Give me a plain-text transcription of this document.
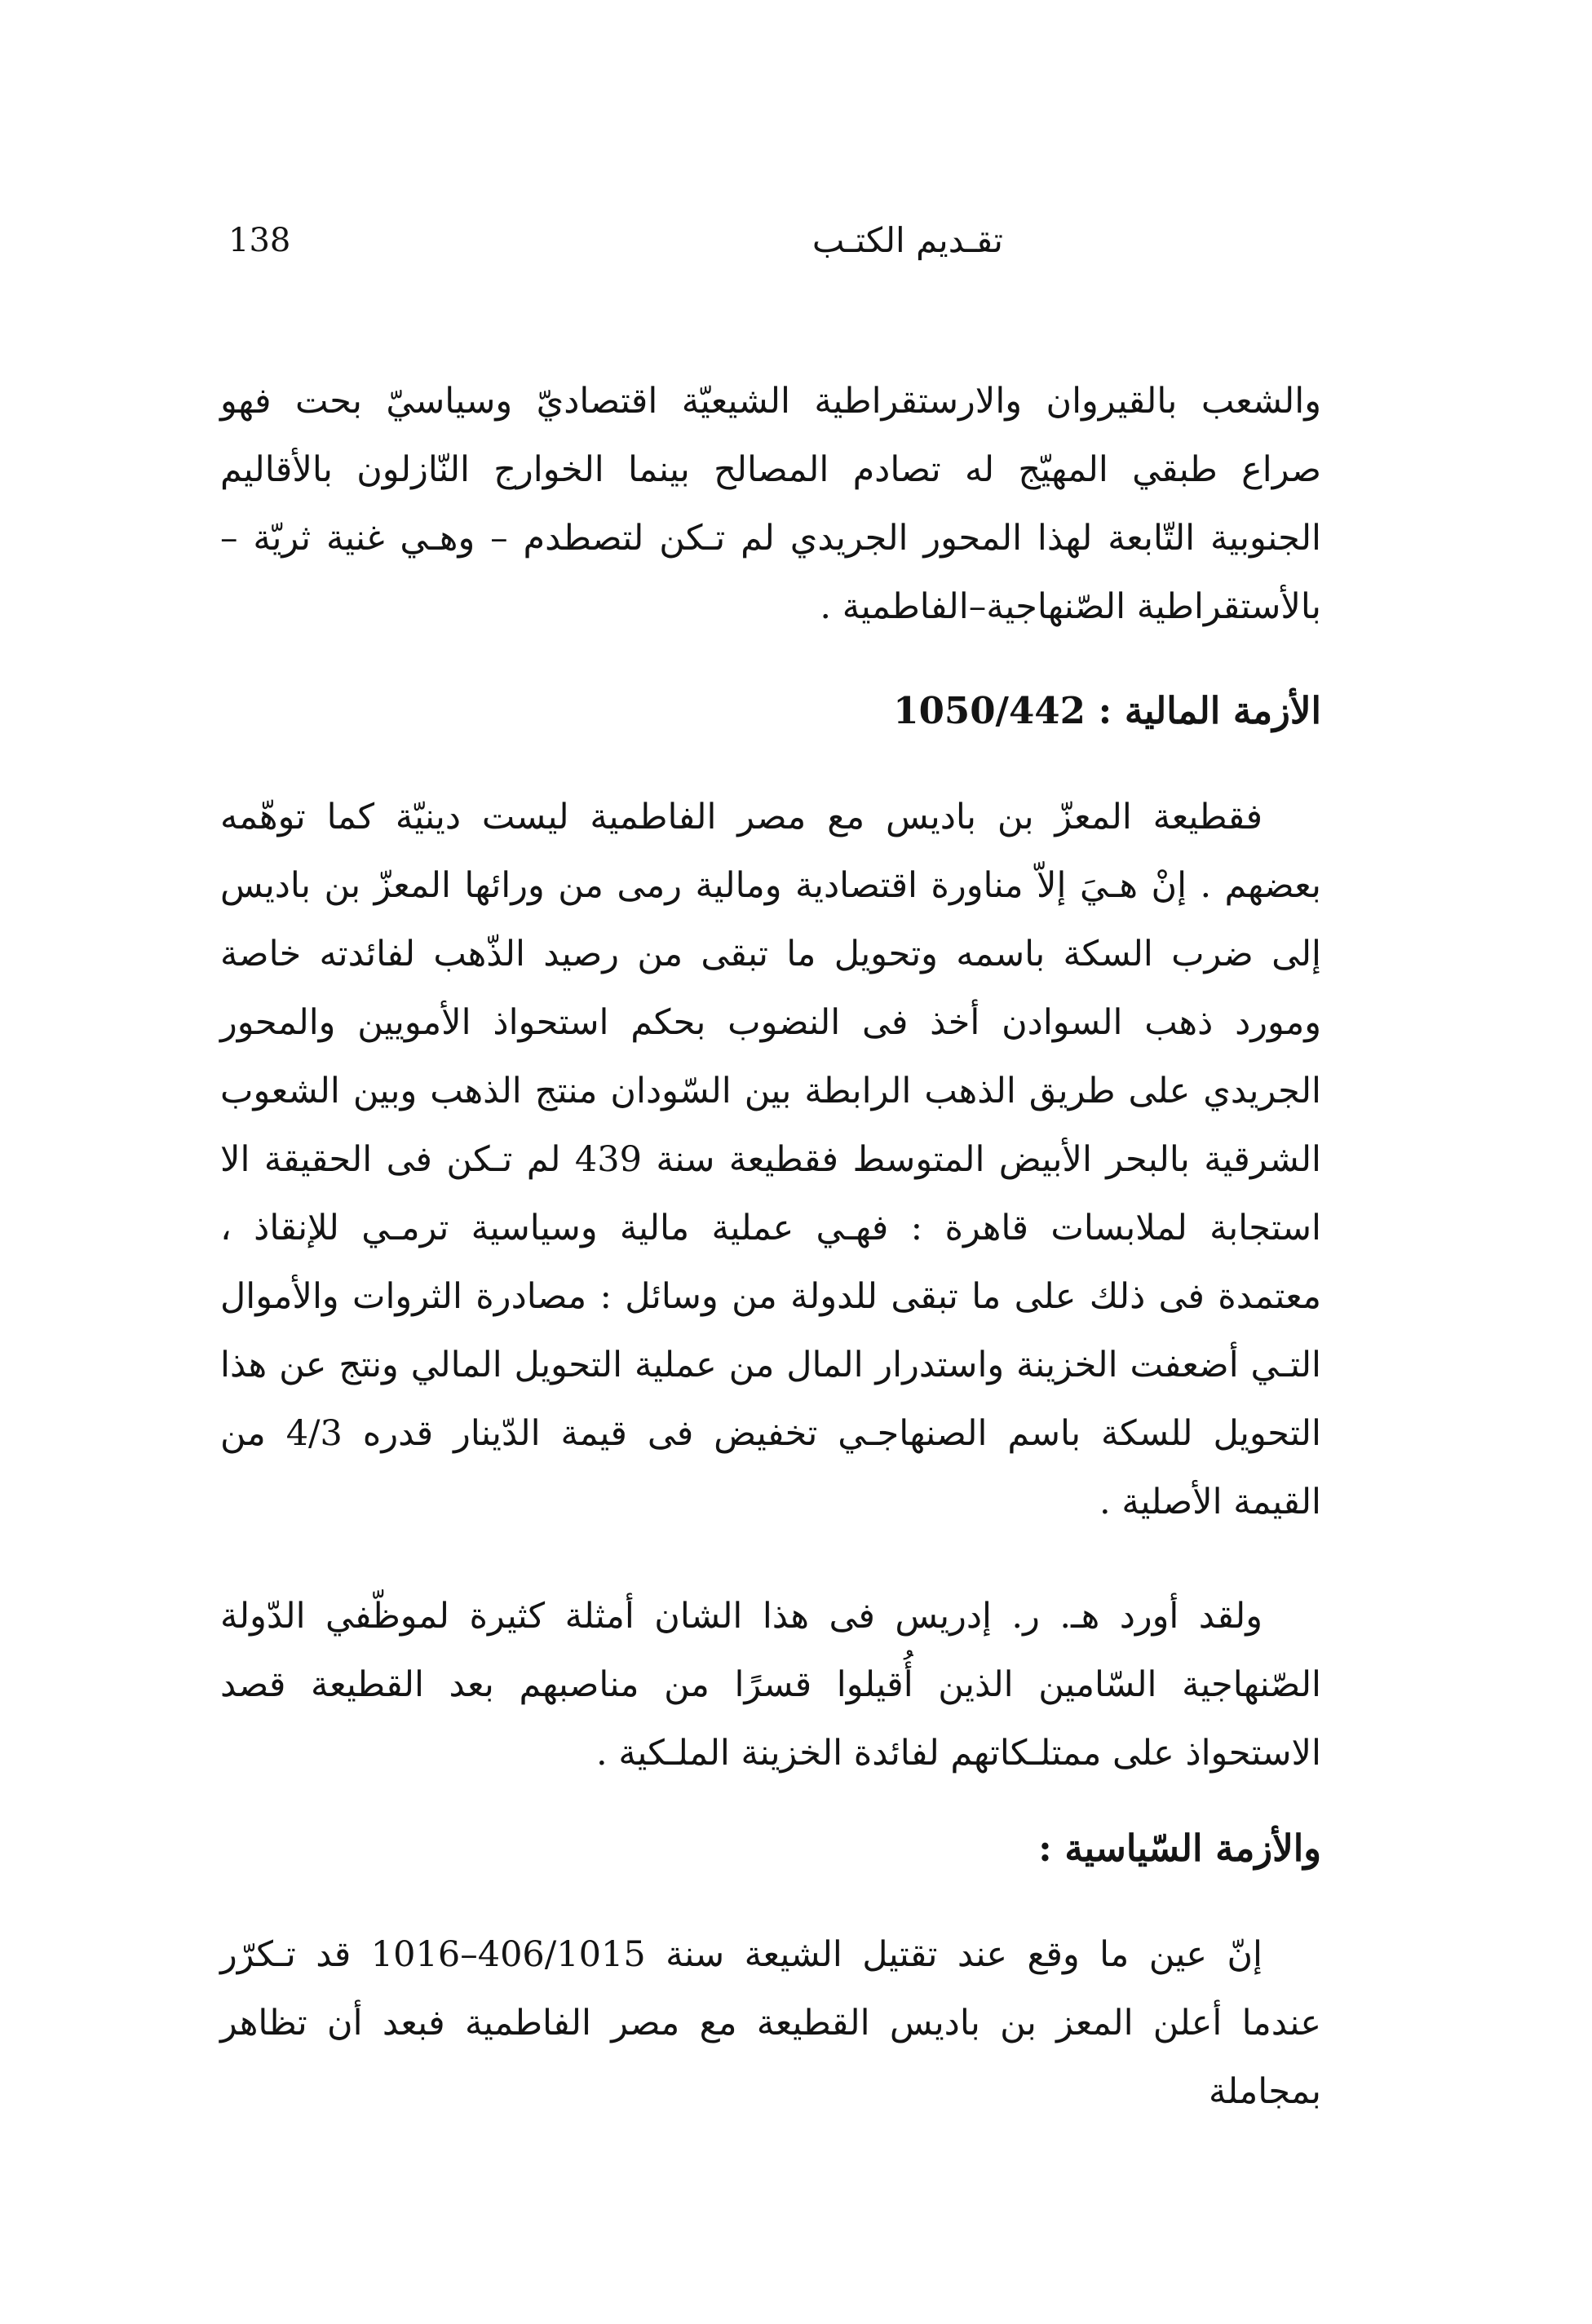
138	تقـديم الكتـب

والشعب بالقيروان والارستقراطية الشيعيّة اقتصاديّ وسياسيّ بحت فهو صراع طبقي المهيّج له تصادم المصالح بينما الخوارج النّازلون بالأقاليم الجنوبية التّابعة لهذا المحور الجريدي لم تـكن لتصطدم – وهـي غنية ثريّة – بالأستقراطية الصّنهاجية–الفاطمية .

الأزمة المالية : 1050/442

فقطيعة المعزّ بن باديس مع مصر الفاطمية ليست دينيّة كما توهّمه بعضهم . إنْ هـيَ إلاّ مناورة اقتصادية ومالية رمى من ورائها المعزّ بن باديس إلى ضرب السكة باسمه وتحويل ما تبقى من رصيد الذّهب لفائدته خاصة ومورد ذهب السوادن أخذ فى النضوب بحكم استحواذ الأمويين والمحور الجريدي على طريق الذهب الرابطة بين السّودان منتج الذهب وبين الشعوب الشرقية بالبحر الأبيض المتوسط فقطيعة سنة 439 لم تـكن فى الحقيقة الا استجابة لملابسات قاهرة : فهـي عملية مالية وسياسية ترمـي للإنقاذ ، معتمدة فى ذلك على ما تبقى للدولة من وسائل : مصادرة الثروات والأموال التـي أضعفت الخزينة واستدرار المال من عملية التحويل المالي ونتج عن هذا التحويل للسكة باسم الصنهاجـي تخفيض فى قيمة الدّينار قدره 4/3 من القيمة الأصلية .

ولقد أورد هـ. ر. إدريس فى هذا الشان أمثلة كثيرة لموظّفي الدّولة الصّنهاجية السّامين الذين أُقيلوا قسرًا من مناصبهم بعد القطيعة قصد الاستحواذ على ممتلـكاتهم لفائدة الخزينة الملـكية .

والأزمة السّياسية :

إنّ عين ما وقع عند تقتيل الشيعة سنة 406/1015–1016 قد تـكرّر عندما أعلن المعز بن باديس القطيعة مع مصر الفاطمية فبعد أن تظاهر بمجاملة
